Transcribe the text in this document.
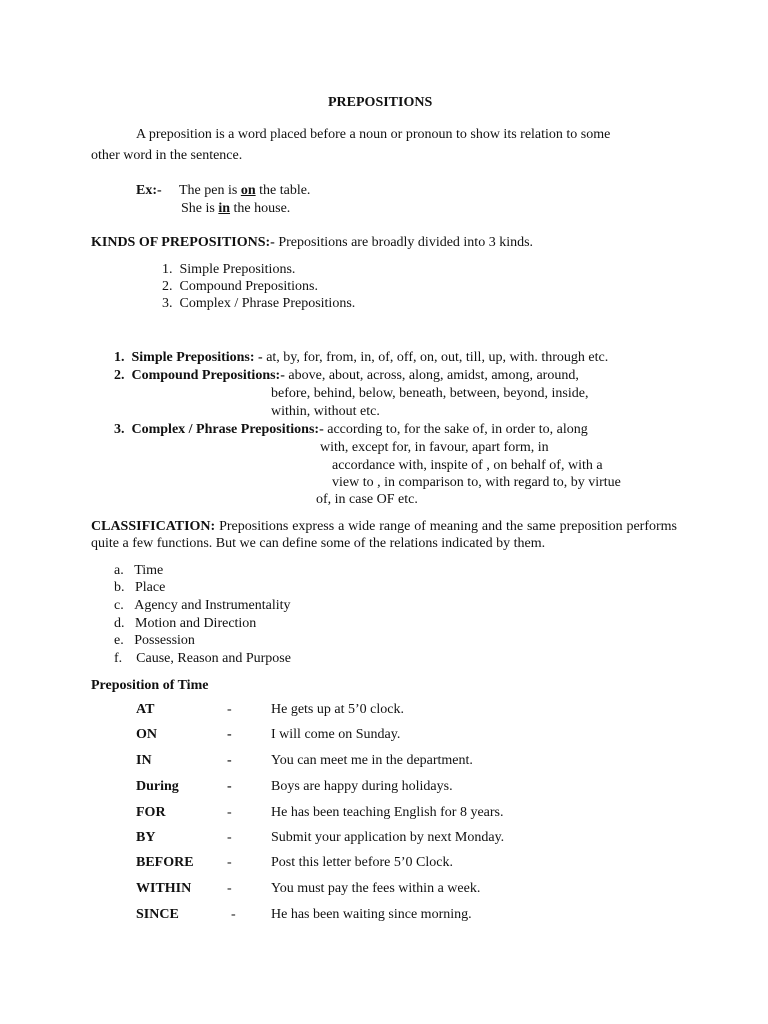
PREPOSITIONS
A preposition is a word placed before a noun or pronoun to show its relation to some
other word in the sentence.
Ex:- The pen is on the table.
She is in the house.
KINDS OF PREPOSITIONS:- Prepositions are broadly divided into 3 kinds.
1.  Simple Prepositions.
2.  Compound Prepositions.
3.  Complex / Phrase Prepositions.
1.  Simple Prepositions: - at, by, for, from, in, of, off, on, out, till, up, with. through etc.
2.  Compound Prepositions:- above, about, across, along, amidst, among, around,
before, behind, below, beneath, between, beyond, inside,
within, without etc.
3.  Complex / Phrase Prepositions:- according to, for the sake of, in order to, along
with, except for, in favour, apart form, in
accordance with, inspite of , on behalf of, with a
view to , in comparison to, with regard to, by virtue
of, in case OF etc.
CLASSIFICATION: Prepositions express a wide range of meaning and the same preposition performs quite a few functions. But we can define some of the relations indicated by them.
a.   Time
b.   Place
c.   Agency and Instrumentality
d.   Motion and Direction
e.   Possession
f.    Cause, Reason and Purpose
Preposition of Time
AT	-	He gets up at 5’0 clock.
ON	-	I will come on Sunday.
IN	-	You can meet me in the department.
During	-	Boys are happy during holidays.
FOR	-	He has been teaching English for 8 years.
BY	-	Submit your application by next Monday.
BEFORE -	Post this letter before 5’0 Clock.
WITHIN	-	You must pay the fees within a week.
SINCE	-	He has been waiting since morning.
